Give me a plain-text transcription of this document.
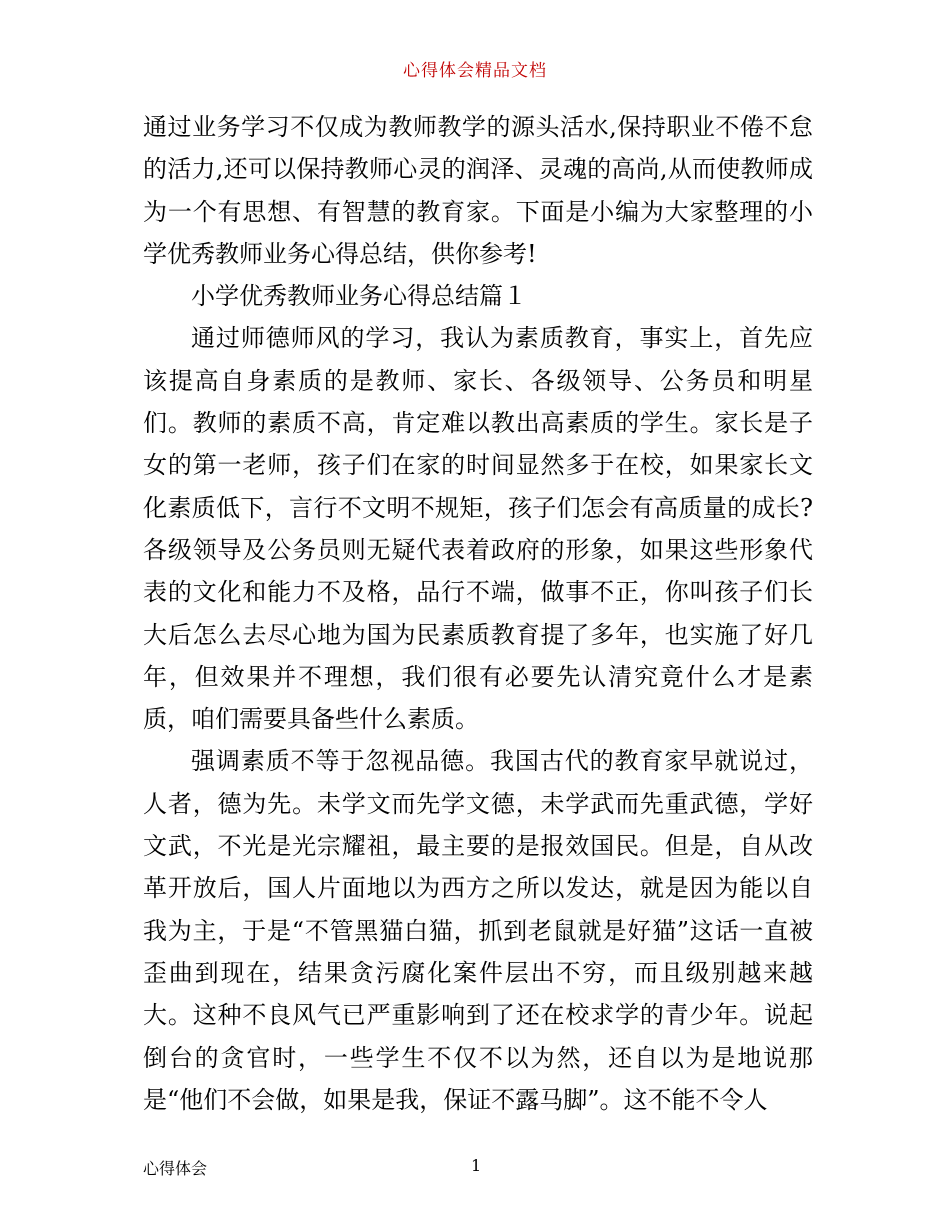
心得体会精品文档

通过业务学习不仅成为教师教学的源头活水,保持职业不倦不怠的活力,还可以保持教师心灵的润泽、灵魂的高尚,从而使教师成为一个有思想、有智慧的教育家。下面是小编为大家整理的小学优秀教师业务心得总结，供你参考!

小学优秀教师业务心得总结篇１

通过师德师风的学习，我认为素质教育，事实上，首先应该提高自身素质的是教师、家长、各级领导、公务员和明星们。教师的素质不高，肯定难以教出高素质的学生。家长是子女的第一老师，孩子们在家的时间显然多于在校，如果家长文化素质低下，言行不文明不规矩，孩子们怎会有高质量的成长?各级领导及公务员则无疑代表着政府的形象，如果这些形象代表的文化和能力不及格，品行不端，做事不正，你叫孩子们长大后怎么去尽心地为国为民素质教育提了多年，也实施了好几年，但效果并不理想，我们很有必要先认清究竟什么才是素质，咱们需要具备些什么素质。

强调素质不等于忽视品德。我国古代的教育家早就说过，人者，德为先。未学文而先学文德，未学武而先重武德，学好文武，不光是光宗耀祖，最主要的是报效国民。但是，自从改革开放后，国人片面地以为西方之所以发达，就是因为能以自我为主，于是“不管黑猫白猫，抓到老鼠就是好猫”这话一直被歪曲到现在，结果贪污腐化案件层出不穷，而且级别越来越大。这种不良风气已严重影响到了还在校求学的青少年。说起倒台的贪官时，一些学生不仅不以为然，还自以为是地说那是“他们不会做，如果是我，保证不露马脚”。这不能不令人

心得体会	1
